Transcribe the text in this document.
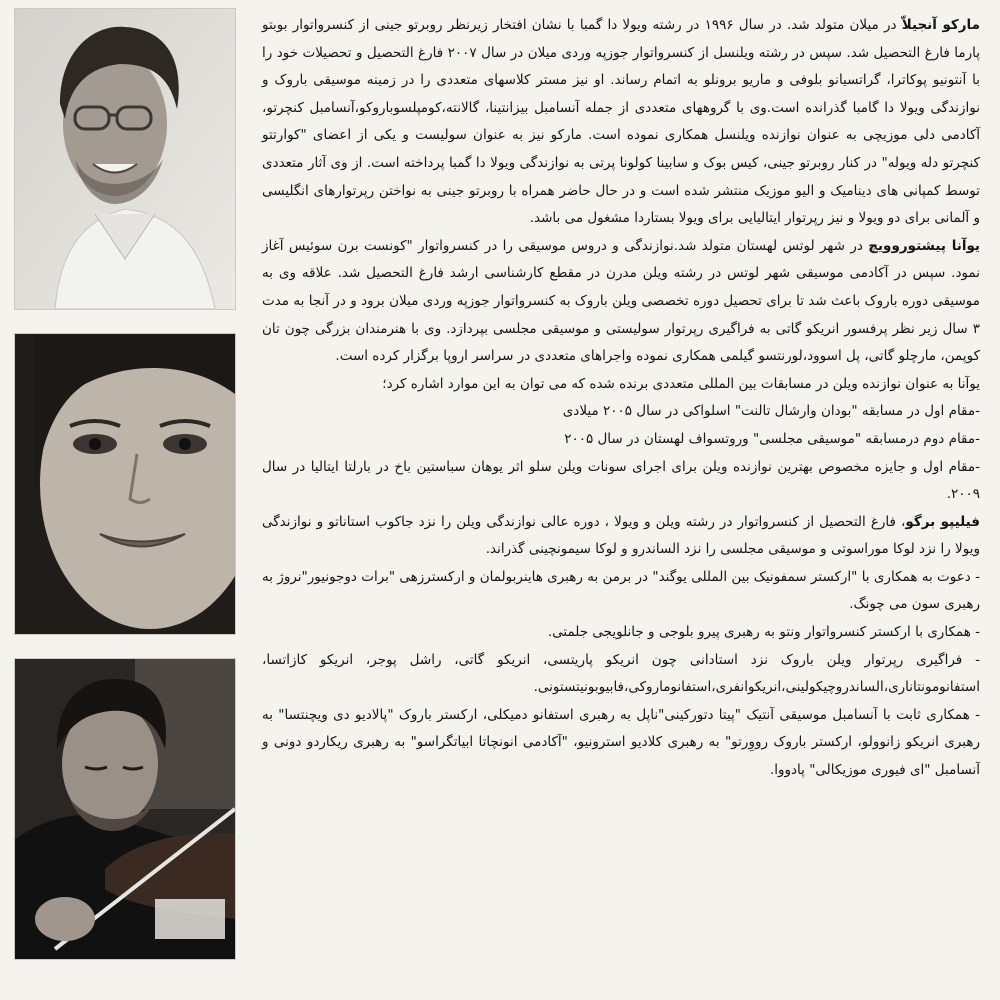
مارکو آنجیلاّ در میلان متولد شد. در سال ۱۹۹۶ در رشته ویولا دا گمبا با نشان افتخار زیرنظر روبرتو جینی از کنسرواتوار بوبتو پارما فارغ التحصیل شد. سپس در رشته ویلنسل از کنسرواتوار جوزپه وردی میلان در سال ۲۰۰۷ فارغ التحصیل و تحصیلات خود را با آنتونیو پوکاترا، گراتسیانو بلوفی و ماریو برونلو به اتمام رساند. او نیز مستر کلاسهای متعددی را در زمینه موسیقی باروک و نوازندگی ویولا دا گامبا گذرانده است.وی با گروههای متعددی از جمله آنسامبل بیزانتینا، گالانته،کومپلسوباروکو،آنسامبل کنچرتو، آکادمی دلی موزیچی به عنوان نوازنده ویلنسل همکاری نموده است. مارکو نیز به عنوان سولیست و یکی از اعضای "کوارتتو کنچرتو دله ویوله" در کنار روبرتو جینی، کیس بوک و سابینا کولونا پرتی به نوازندگی ویولا دا گمبا پرداخته است. از وی آثار متعددی توسط کمپانی های دینامیک و الیو موزیک منتشر شده است و در حال حاضر همراه با روبرتو جینی به نواختن رپرتوارهای انگلیسی و آلمانی برای دو ویولا و نیز رپرتوار ایتالیایی برای ویولا بستاردا مشغول می باشد.

یوآنا پیشتوروویچ در شهر لوتس لهستان متولد شد.نوازندگی و دروس موسیقی را در کنسرواتوار "کونست برن سوئیس آغاز نمود. سپس در آکادمی موسیقی شهر لوتس در رشته ویلن مدرن در مقطع کارشناسی ارشد فارغ التحصیل شد. علاقه وی به موسیقی دوره باروک باعث شد تا برای تحصیل دوره تخصصی ویلن باروک به کنسرواتوار جوزپه وردی میلان برود و در آنجا به مدت ۳ سال زیر نظر پرفسور انریکو گاتی به فراگیری رپرتوار سولیستی و موسیقی مجلسی بپردازد. وی با هنرمندان بزرگی چون تان کوپمن، مارچلو گاتی، پل اسوود،لورنتسو گیلمی همکاری نموده واجراهای متعددی در سراسر اروپا برگزار کرده است.

یوآنا به عنوان نوازنده ویلن در مسابقات بین المللی متعددی برنده شده که می توان به این موارد اشاره کرد؛

-مقام اول در مسابقه "بودان وارشال تالنت" اسلواکی در سال ۲۰۰۵ میلادی

-مقام دوم درمسابقه "موسیقی مجلسی" وروتسواف لهستان در سال ۲۰۰۵

-مقام اول و جایزه مخصوص بهترین نوازنده ویلن برای اجرای سونات ویلن سلو اثر یوهان سباستین باخ در بارلتا ایتالیا در سال ۲۰۰۹.

فیلیپو برگو، فارغ التحصیل از کنسرواتوار در رشته ویلن و ویولا ، دوره عالی نوازندگی ویلن را نزد جاکوب استاناتو و نوازندگی ویولا را نزد لوکا موراسوتی و موسیقی مجلسی را نزد الساندرو و لوکا سیمونچینی گذراند.

- دعوت به همکاری با "ارکستر سمفونیک بین المللی یوگند" در برمن به رهبری هاینربولمان و ارکسترزهی "برات دوجونیور"نروژ به رهبری سون می چونگ.

- همکاری با ارکستر کنسرواتوار ونتو به رهبری پیرو بلوجی و جانلویجی جلمتی.

- فراگیری رپرتوار ویلن باروک نزد استادانی چون انریکو پاریتسی، انریکو گاتی، راشل پوجر، انریکو کازاتسا، استفانومونتاناری،الساندروچیکولینی،انریکوانفری،استفانوماروکی،فابیوبونیتستونی.

- همکاری ثابت با آنسامبل موسیقی آنتیک "پیتا دتورکینی"ناپل به رهبری استفانو دمیکلی، ارکستر باروک "پالادیو دی ویچنتسا" به رهبری انریکو زانوولو، ارکستر باروک رووِرتو" به رهبری کلادیو استرونیو، "آکادمی انونچاتا ابیاتگراسو" به رهبری ریکاردو دونی و آنسامبل "ای فیوری موزیکالی" پادووا.
